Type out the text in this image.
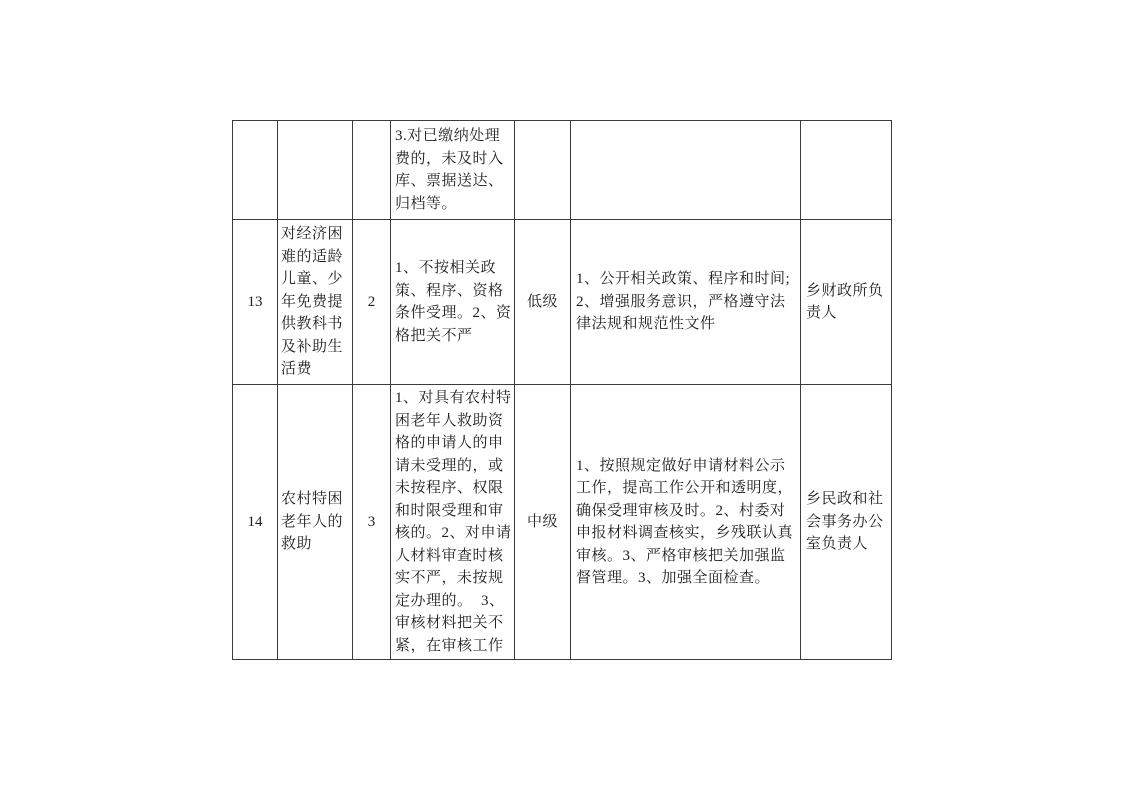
3.对已缴纳处理
费的，未及时入
库、票据送达、
归档等。
13
对经济困
难的适龄
儿童、少
年免费提
供教科书
及补助生
活费
2
1、不按相关政
策、程序、资格
条件受理。2、资
格把关不严
低级
1、公开相关政策、程序和时间;
2、增强服务意识，严格遵守法
律法规和规范性文件
乡财政所负
责人
14
农村特困
老年人的
救助
3
1、对具有农村特
困老年人救助资
格的申请人的申
请未受理的，或
未按程序、权限
和时限受理和审
核的。2、对申请
人材料审查时核
实不严，未按规
定办理的。  3、
审核材料把关不
紧，在审核工作
中级
1、按照规定做好申请材料公示
工作，提高工作公开和透明度，
确保受理审核及时。2、村委对
申报材料调查核实，乡残联认真
审核。3、严格审核把关加强监
督管理。3、加强全面检查。
乡民政和社
会事务办公
室负责人
